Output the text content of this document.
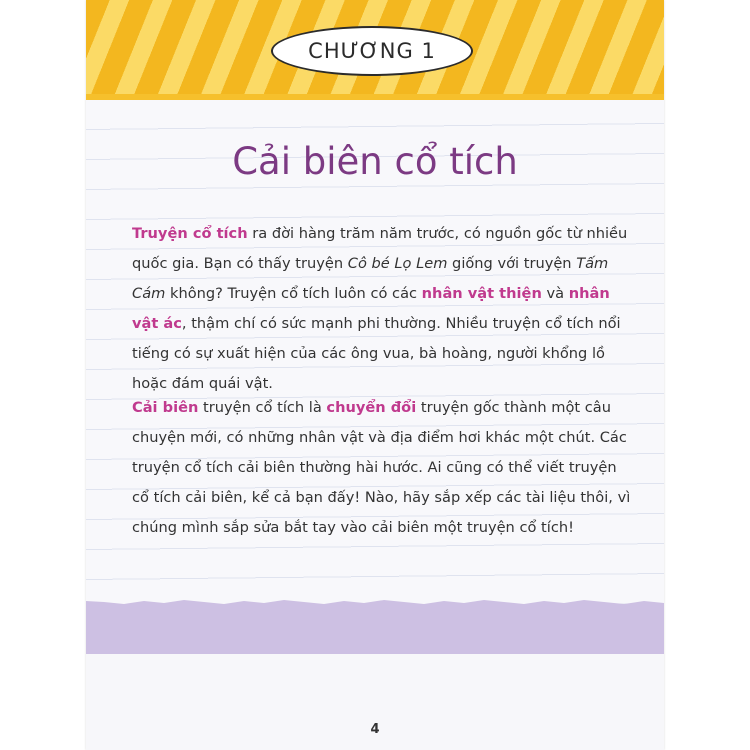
CHƯƠNG 1
Cải biên cổ tích

Truyện cổ tích ra đời hàng trăm năm trước, có nguồn gốc từ nhiều quốc gia. Bạn có thấy truyện Cô bé Lọ Lem giống với truyện Tấm Cám không? Truyện cổ tích luôn có các nhân vật thiện và nhân vật ác, thậm chí có sức mạnh phi thường. Nhiều truyện cổ tích nổi tiếng có sự xuất hiện của các ông vua, bà hoàng, người khổng lồ hoặc đám quái vật.

Cải biên truyện cổ tích là chuyển đổi truyện gốc thành một câu chuyện mới, có những nhân vật và địa điểm hơi khác một chút. Các truyện cổ tích cải biên thường hài hước. Ai cũng có thể viết truyện cổ tích cải biên, kể cả bạn đấy! Nào, hãy sắp xếp các tài liệu thôi, vì chúng mình sắp sửa bắt tay vào cải biên một truyện cổ tích!

4
